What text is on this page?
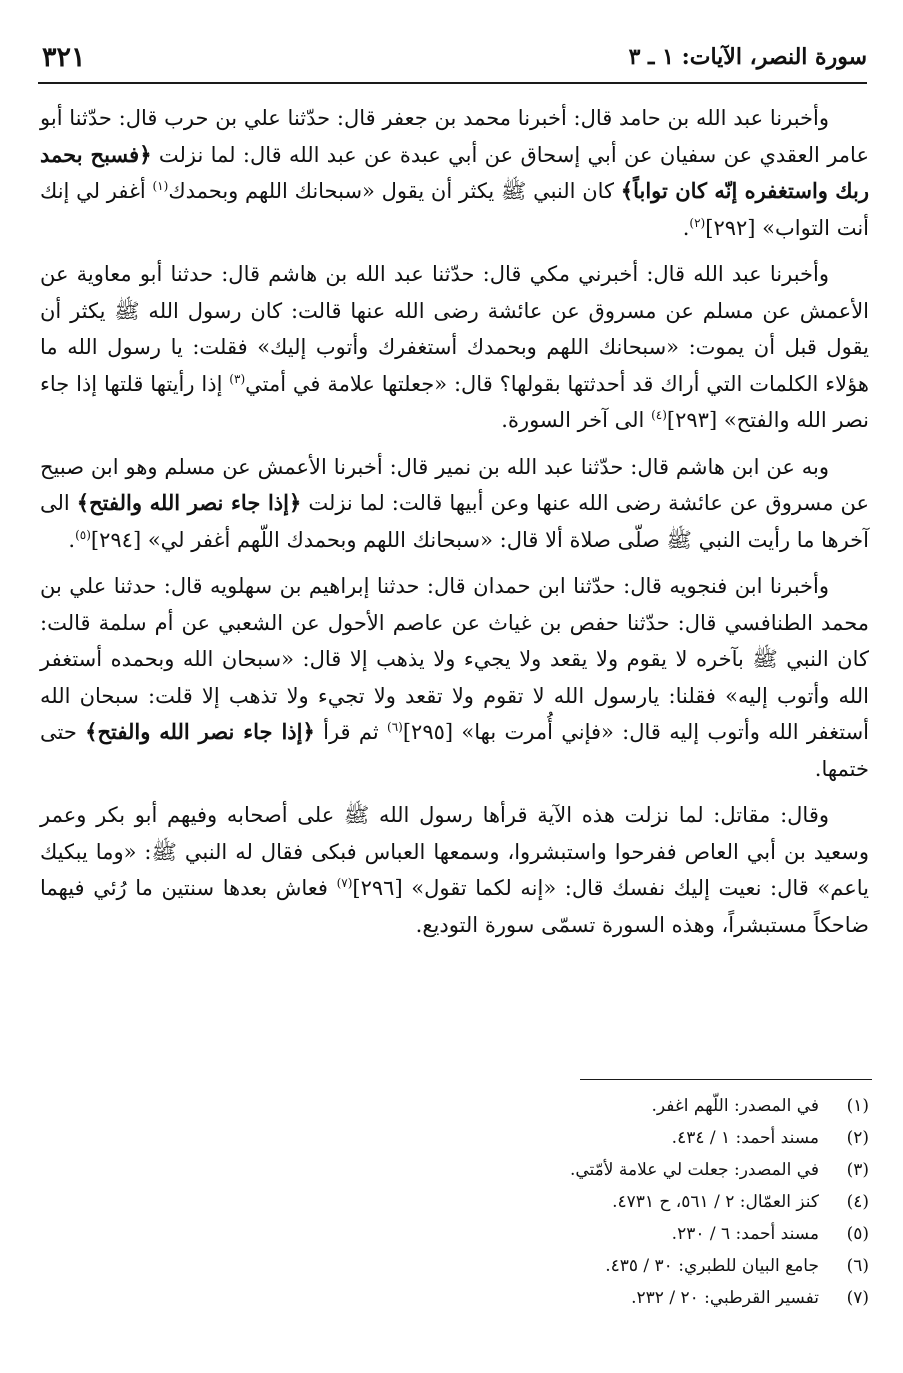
٣٢١	سورة النصر، الآيات: ١ ـ ٣

وأخبرنا عبد الله بن حامد قال: أخبرنا محمد بن جعفر قال: حدّثنا علي بن حرب قال: حدّثنا أبو عامر العقدي عن سفيان عن أبي إسحاق عن أبي عبدة عن عبد الله قال: لما نزلت ﴿فسبح بحمد ربك واستغفره إنّه كان تواباً﴾ كان النبي ﷺ يكثر أن يقول «سبحانك اللهم وبحمدك$^{(١)}$ أغفر لي إنك أنت التواب» [٢٩٢]$^{(٢)}$.

وأخبرنا عبد الله قال: أخبرني مكي قال: حدّثنا عبد الله بن هاشم قال: حدثنا أبو معاوية عن الأعمش عن مسلم عن مسروق عن عائشة رضى الله عنها قالت: كان رسول الله ﷺ يكثر أن يقول قبل أن يموت: «سبحانك اللهم وبحمدك أستغفرك وأتوب إليك» فقلت: يا رسول الله ما هؤلاء الكلمات التي أراك قد أحدثتها بقولها؟ قال: «جعلتها علامة في أمتي$^{(٣)}$ إذا رأيتها قلتها إذا جاء نصر الله والفتح» [٢٩٣]$^{(٤)}$ الى آخر السورة.

وبه عن ابن هاشم قال: حدّثنا عبد الله بن نمير قال: أخبرنا الأعمش عن مسلم وهو ابن صبيح عن مسروق عن عائشة رضى الله عنها وعن أبيها قالت: لما نزلت ﴿إذا جاء نصر الله والفتح﴾ الى آخرها ما رأيت النبي ﷺ صلّى صلاة ألا قال: «سبحانك اللهم وبحمدك اللّهم أغفر لي» [٢٩٤]$^{(٥)}$.

وأخبرنا ابن فنجويه قال: حدّثنا ابن حمدان قال: حدثنا إبراهيم بن سهلويه قال: حدثنا علي بن محمد الطنافسي قال: حدّثنا حفص بن غياث عن عاصم الأحول عن الشعبي عن أم سلمة قالت: كان النبي ﷺ بآخره لا يقوم ولا يقعد ولا يجيء ولا يذهب إلا قال: «سبحان الله وبحمده أستغفر الله وأتوب إليه» فقلنا: يارسول الله لا تقوم ولا تقعد ولا تجيء ولا تذهب إلا قلت: سبحان الله أستغفر الله وأتوب إليه قال: «فإني أُمرت بها» [٢٩٥]$^{(٦)}$ ثم قرأ ﴿إذا جاء نصر الله والفتح﴾ حتى ختمها.

وقال: مقاتل: لما نزلت هذه الآية قرأها رسول الله ﷺ على أصحابه وفيهم أبو بكر وعمر وسعيد بن أبي العاص ففرحوا واستبشروا، وسمعها العباس فبكى فقال له النبي ﷺ: «وما يبكيك ياعم» قال: نعيت إليك نفسك قال: «إنه لكما تقول» [٢٩٦]$^{(٧)}$ فعاش بعدها سنتين ما رُئي فيهما ضاحكاً مستبشراً، وهذه السورة تسمّى سورة التوديع.

(١)
في المصدر: اللّهم اغفر.
(٢)
مسند أحمد: ١ / ٤٣٤.
(٣)
في المصدر: جعلت لي علامة لأمّتي.
(٤)
كنز العمّال: ٢ / ٥٦١، ح ٤٧٣١.
(٥)
مسند أحمد: ٦ / ٢٣٠.
(٦)
جامع البيان للطبري: ٣٠ / ٤٣٥.
(٧)
تفسير القرطبي: ٢٠ / ٢٣٢.
